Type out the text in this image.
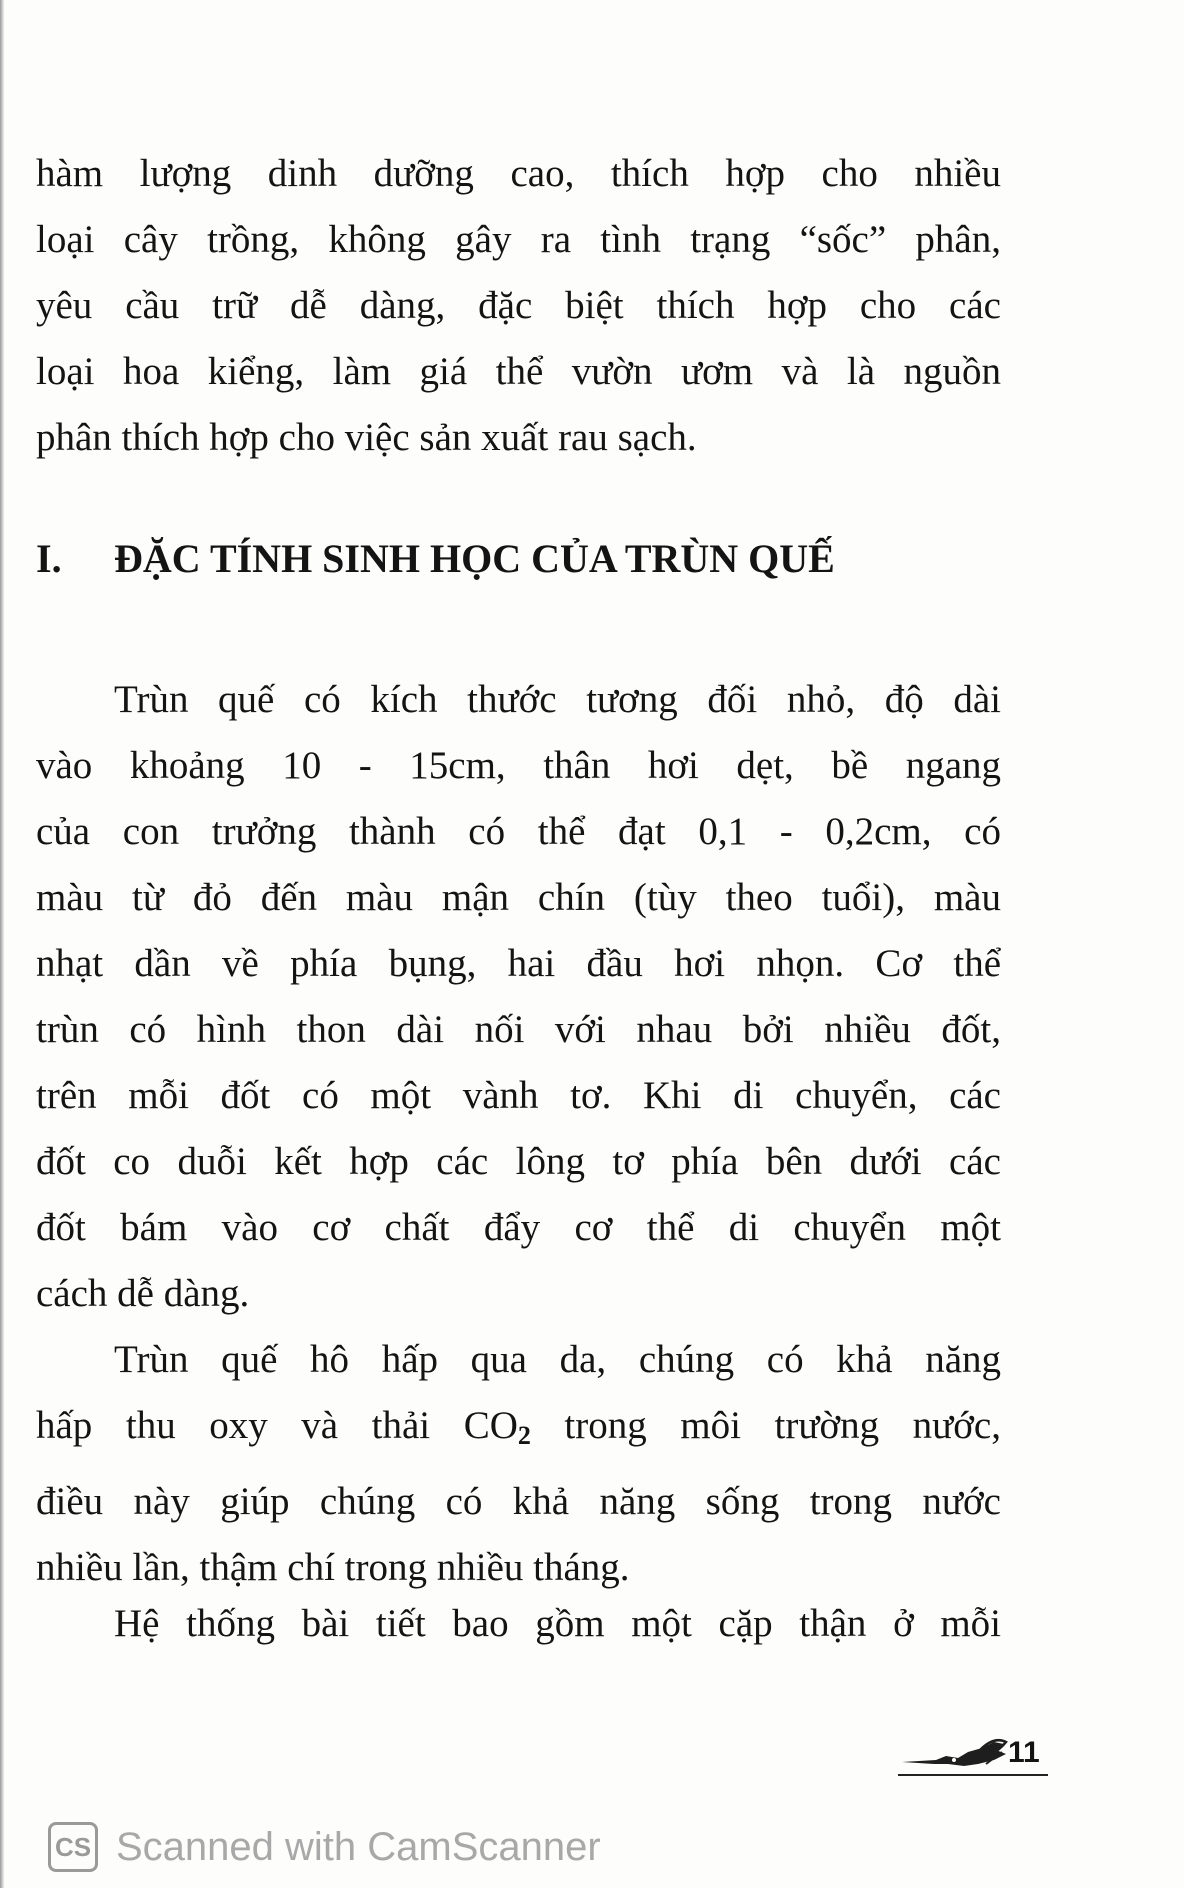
hàm lượng dinh dưỡng cao, thích hợp cho nhiều
loại cây trồng, không gây ra tình trạng “sốc” phân,
yêu cầu trữ dễ dàng, đặc biệt thích hợp cho các
loại hoa kiểng, làm giá thể vườn ươm và là nguồn
phân thích hợp cho việc sản xuất rau sạch.
I. ĐẶC TÍNH SINH HỌC CỦA TRÙN QUẾ
Trùn quế có kích thước tương đối nhỏ, độ dài
vào khoảng 10 - 15cm, thân hơi dẹt, bề ngang
của con trưởng thành có thể đạt 0,1 - 0,2cm, có
màu từ đỏ đến màu mận chín (tùy theo tuổi), màu
nhạt dần về phía bụng, hai đầu hơi nhọn. Cơ thể
trùn có hình thon dài nối với nhau bởi nhiều đốt,
trên mỗi đốt có một vành tơ. Khi di chuyển, các
đốt co duỗi kết hợp các lông tơ phía bên dưới các
đốt bám vào cơ chất đẩy cơ thể di chuyển một
cách dễ dàng.
Trùn quế hô hấp qua da, chúng có khả năng
hấp thu oxy và thải $CO_2$ trong môi trường nước,
điều này giúp chúng có khả năng sống trong nước
nhiều lần, thậm chí trong nhiều tháng.
Hệ thống bài tiết bao gồm một cặp thận ở mỗi
11
CS Scanned with CamScanner
